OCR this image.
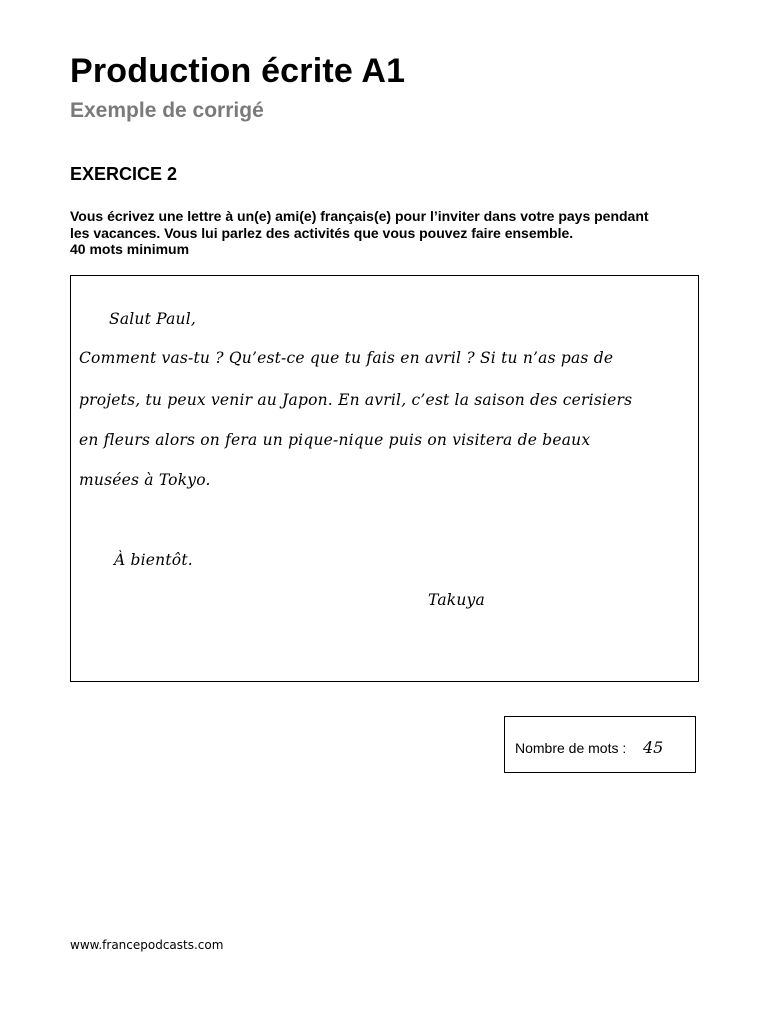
Production écrite A1
Exemple de corrigé
EXERCICE 2
Vous écrivez une lettre à un(e) ami(e) français(e) pour l’inviter dans votre pays pendant
les vacances. Vous lui parlez des activités que vous pouvez faire ensemble.
40 mots minimum
Salut Paul,
Comment vas-tu ? Qu’est-ce que tu fais en avril ? Si tu n’as pas de
projets, tu peux venir au Japon. En avril, c’est la saison des cerisiers
en fleurs alors on fera un pique-nique puis on visitera de beaux
musées à Tokyo.
À bientôt.
Takuya
Nombre de mots : 45
www.francepodcasts.com
